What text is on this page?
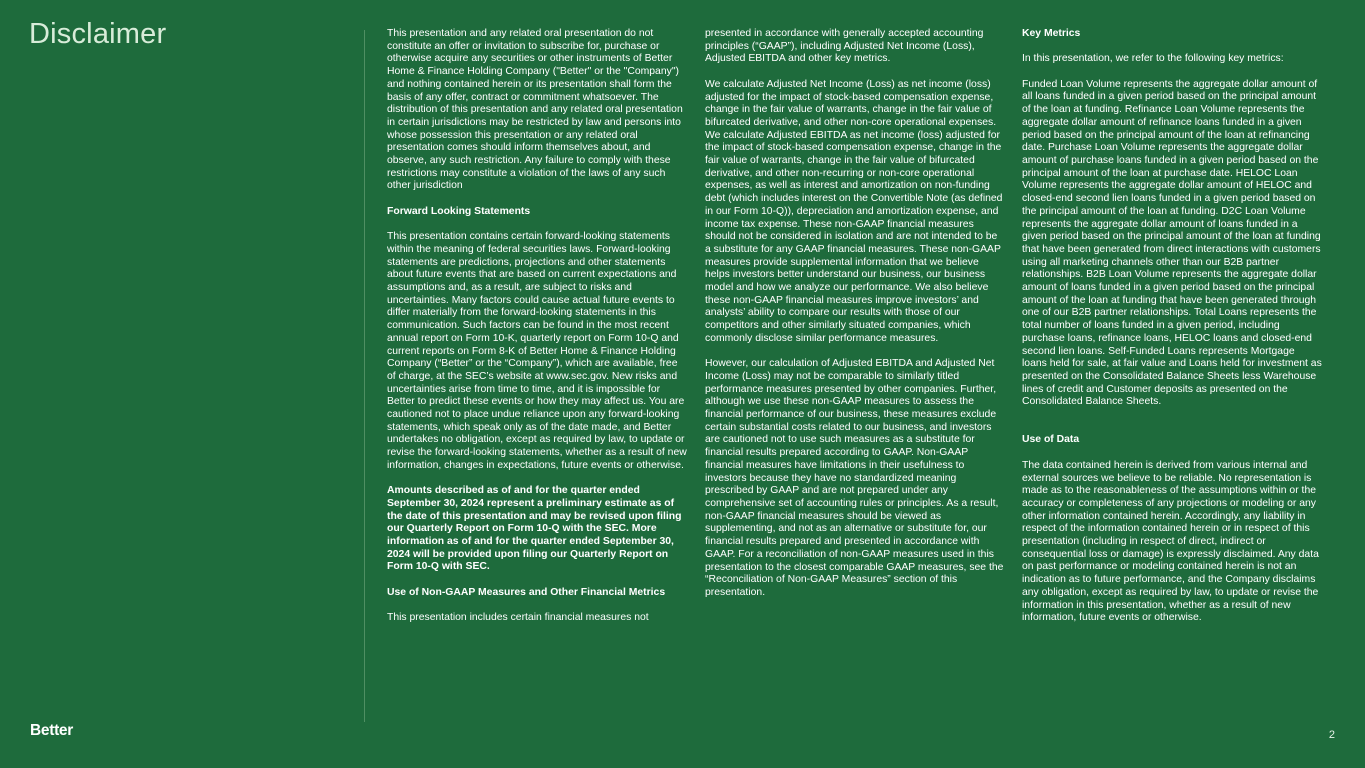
Disclaimer	This presentation and any related oral presentation do not constitute an offer or invitation to subscribe for, purchase or otherwise acquire any securities or other instruments of Better Home & Finance Holding Company ("Better" or the "Company") and nothing contained herein or its presentation shall form the basis of any offer, contract or commitment whatsoever. The distribution of this presentation and any related oral presentation in certain jurisdictions may be restricted by law and persons into whose possession this presentation or any related oral presentation comes should inform themselves about, and observe, any such restriction. Any failure to comply with these restrictions may constitute a violation of the laws of any such other jurisdiction

Forward Looking Statements

This presentation contains certain forward-looking statements within the meaning of federal securities laws. Forward-looking statements are predictions, projections and other statements about future events that are based on current expectations and assumptions and, as a result, are subject to risks and uncertainties. Many factors could cause actual future events to differ materially from the forward-looking statements in this communication. Such factors can be found in the most recent annual report on Form 10-K, quarterly report on Form 10-Q and current reports on Form 8-K of Better Home & Finance Holding Company (“Better” or the “Company”), which are available, free of charge, at the SEC’s website at www.sec.gov. New risks and uncertainties arise from time to time, and it is impossible for Better to predict these events or how they may affect us. You are cautioned not to place undue reliance upon any forward-looking statements, which speak only as of the date made, and Better undertakes no obligation, except as required by law, to update or revise the forward-looking statements, whether as a result of new information, changes in expectations, future events or otherwise.

Amounts described as of and for the quarter ended September 30, 2024 represent a preliminary estimate as of the date of this presentation and may be revised upon filing our Quarterly Report on Form 10-Q with the SEC. More information as of and for the quarter ended September 30, 2024 will be provided upon filing our Quarterly Report on Form 10-Q with SEC.

Use of Non-GAAP Measures and Other Financial Metrics

This presentation includes certain financial measures not

presented in accordance with generally accepted accounting principles (“GAAP”), including Adjusted Net Income (Loss), Adjusted EBITDA and other key metrics.

We calculate Adjusted Net Income (Loss) as net income (loss) adjusted for the impact of stock-based compensation expense, change in the fair value of warrants, change in the fair value of bifurcated derivative, and other non-core operational expenses. We calculate Adjusted EBITDA as net income (loss) adjusted for the impact of stock-based compensation expense, change in the fair value of warrants, change in the fair value of bifurcated derivative, and other non-recurring or non-core operational expenses, as well as interest and amortization on non-funding debt (which includes interest on the Convertible Note (as defined in our Form 10-Q)), depreciation and amortization expense, and income tax expense. These non-GAAP financial measures should not be considered in isolation and are not intended to be a substitute for any GAAP financial measures. These non-GAAP measures provide supplemental information that we believe helps investors better understand our business, our business model and how we analyze our performance. We also believe these non-GAAP financial measures improve investors’ and analysts’ ability to compare our results with those of our competitors and other similarly situated companies, which commonly disclose similar performance measures.

However, our calculation of Adjusted EBITDA and Adjusted Net Income (Loss) may not be comparable to similarly titled performance measures presented by other companies. Further, although we use these non-GAAP measures to assess the financial performance of our business, these measures exclude certain substantial costs related to our business, and investors are cautioned not to use such measures as a substitute for financial results prepared according to GAAP. Non-GAAP financial measures have limitations in their usefulness to investors because they have no standardized meaning prescribed by GAAP and are not prepared under any comprehensive set of accounting rules or principles. As a result, non-GAAP financial measures should be viewed as supplementing, and not as an alternative or substitute for, our financial results prepared and presented in accordance with GAAP. For a reconciliation of non-GAAP measures used in this presentation to the closest comparable GAAP measures, see the “Reconciliation of Non-GAAP Measures” section of this presentation.

Key Metrics

In this presentation, we refer to the following key metrics:

Funded Loan Volume represents the aggregate dollar amount of all loans funded in a given period based on the principal amount of the loan at funding. Refinance Loan Volume represents the aggregate dollar amount of refinance loans funded in a given period based on the principal amount of the loan at refinancing date. Purchase Loan Volume represents the aggregate dollar amount of purchase loans funded in a given period based on the principal amount of the loan at purchase date. HELOC Loan Volume represents the aggregate dollar amount of HELOC and closed-end second lien loans funded in a given period based on the principal amount of the loan at funding. D2C Loan Volume represents the aggregate dollar amount of loans funded in a given period based on the principal amount of the loan at funding that have been generated from direct interactions with customers using all marketing channels other than our B2B partner relationships. B2B Loan Volume represents the aggregate dollar amount of loans funded in a given period based on the principal amount of the loan at funding that have been generated through one of our B2B partner relationships. Total Loans represents the total number of loans funded in a given period, including purchase loans, refinance loans, HELOC loans and closed-end second lien loans. Self-Funded Loans represents Mortgage loans held for sale, at fair value and Loans held for investment as presented on the Consolidated Balance Sheets less Warehouse lines of credit and Customer deposits as presented on the Consolidated Balance Sheets.

Use of Data

The data contained herein is derived from various internal and external sources we believe to be reliable. No representation is made as to the reasonableness of the assumptions within or the accuracy or completeness of any projections or modeling or any other information contained herein. Accordingly, any liability in respect of the information contained herein or in respect of this presentation (including in respect of direct, indirect or consequential loss or damage) is expressly disclaimed. Any data on past performance or modeling contained herein is not an indication as to future performance, and the Company disclaims any obligation, except as required by law, to update or revise the information in this presentation, whether as a result of new information, future events or otherwise.

Better	2
